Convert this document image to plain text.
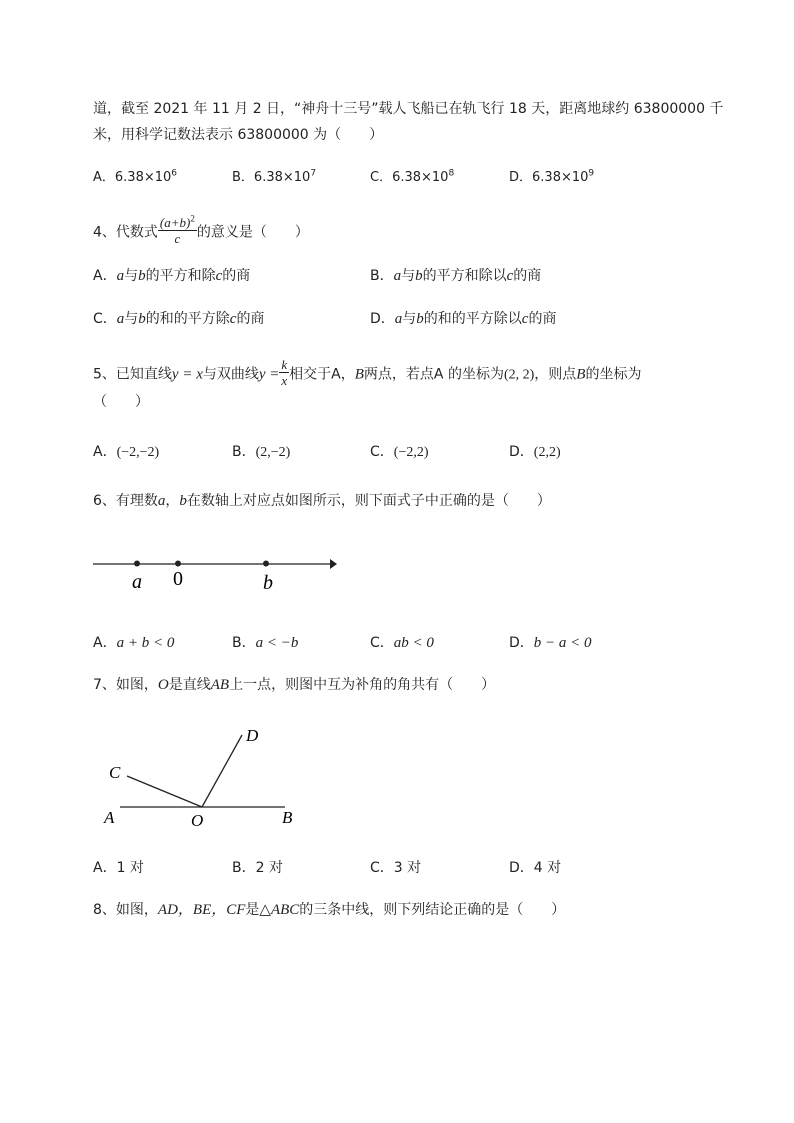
道，截至 2021 年 11 月 2 日，“神舟十三号”载人飞船已在轨飞行 18 天，距离地球约 63800000 千
米，用科学记数法表示 63800000 为（　　）
A．$6.38\times 10^6$	B．$6.38\times 10^7$	C．$6.38\times 10^8$	D．$6.38\times 10^9$
4、代数式 $\frac{(a+b)^2}{c}$ 的意义是（　　）
A．a与b的平方和除c的商	B．a与b的平方和除以c的商
C．a与b的和的平方除c的商	D．a与b的和的平方除以c的商
5、已知直线y = x与双曲线$y = \frac{k}{x}$ 相交于A，B两点，若点A 的坐标为(2, 2)，则点B的坐标为
（　　）
A．(−2,−2)	B．(2,−2)	C．(−2,2)	D．(2,2)
6、有理数a，b在数轴上对应点如图所示，则下面式子中正确的是（　　）
a 0	b
A	B
C
D
O
A．a + b < 0	B．a < −b	C．ab < 0	D．b − a < 0
7、如图，O是直线AB上一点，则图中互为补角的角共有（　　）
A．1 对	B．2 对	C．3 对	D．4 对
8、如图，AD，BE，CF是△ABC的三条中线，则下列结论正确的是（　　）
